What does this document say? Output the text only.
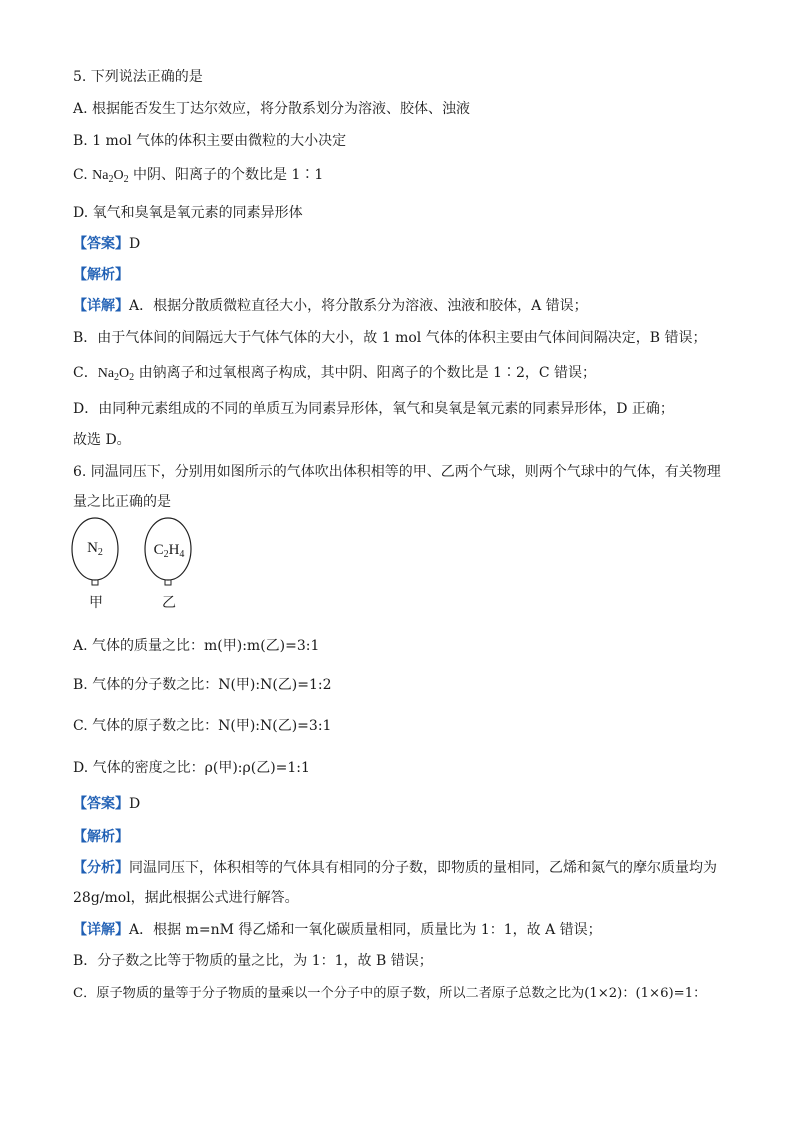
5. 下列说法正确的是
A. 根据能否发生丁达尔效应，将分散系划分为溶液、胶体、浊液
B. 1 mol 气体的体积主要由微粒的大小决定
C. $Na_2O_2$ 中阴、阳离子的个数比是 1∶1
D. 氧气和臭氧是氧元素的同素异形体
【答案】D
【解析】
【详解】A．根据分散质微粒直径大小，将分散系分为溶液、浊液和胶体，A 错误；
B．由于气体间的间隔远大于气体气体的大小，故 1 mol 气体的体积主要由气体间间隔决定，B 错误；
C．$Na_2O_2$ 由钠离子和过氧根离子构成，其中阴、阳离子的个数比是 1∶2，C 错误；
D．由同种元素组成的不同的单质互为同素异形体，氧气和臭氧是氧元素的同素异形体，D 正确；
故选 D。
6. 同温同压下，分别用如图所示的气体吹出体积相等的甲、乙两个气球，则两个气球中的气体，有关物理
量之比正确的是
$N_2$	$C_2H_4$
甲	乙
A. 气体的质量之比：m(甲):m(乙)=3:1
B. 气体的分子数之比：N(甲):N(乙)=1:2
C. 气体的原子数之比：N(甲):N(乙)=3:1
D. 气体的密度之比：ρ(甲):ρ(乙)=1:1
【答案】D
【解析】
【分析】同温同压下，体积相等的气体具有相同的分子数，即物质的量相同，乙烯和氮气的摩尔质量均为
28g/mol，据此根据公式进行解答。
【详解】A．根据 m=nM 得乙烯和一氧化碳质量相同，质量比为 1：1，故 A 错误；
B．分子数之比等于物质的量之比，为 1：1，故 B 错误；
C．原子物质的量等于分子物质的量乘以一个分子中的原子数，所以二者原子总数之比为(1×2)：(1×6)=1：
